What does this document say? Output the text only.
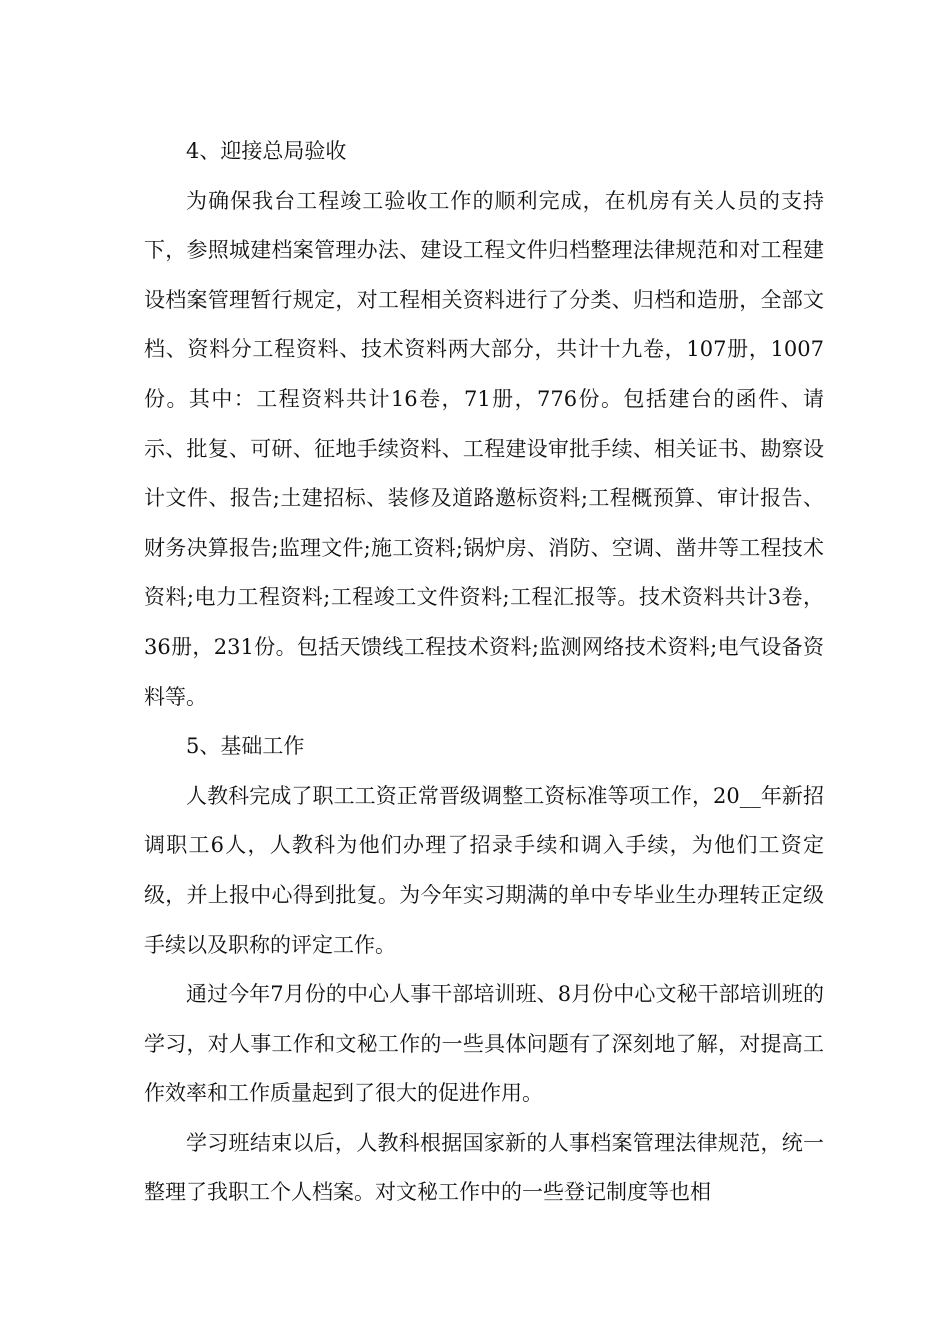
4、迎接总局验收

为确保我台工程竣工验收工作的顺利完成，在机房有关人员的支持下，参照城建档案管理办法、建设工程文件归档整理法律规范和对工程建设档案管理暂行规定，对工程相关资料进行了分类、归档和造册，全部文档、资料分工程资料、技术资料两大部分，共计十九卷，107册，1007份。其中：工程资料共计16卷，71册，776份。包括建台的函件、请示、批复、可研、征地手续资料、工程建设审批手续、相关证书、勘察设计文件、报告;土建招标、装修及道路邀标资料;工程概预算、审计报告、财务决算报告;监理文件;施工资料;锅炉房、消防、空调、凿井等工程技术资料;电力工程资料;工程竣工文件资料;工程汇报等。技术资料共计3卷，36册，231份。包括天馈线工程技术资料;监测网络技术资料;电气设备资料等。

5、基础工作

人教科完成了职工工资正常晋级调整工资标准等项工作，20__年新招调职工6人，人教科为他们办理了招录手续和调入手续，为他们工资定级，并上报中心得到批复。为今年实习期满的单中专毕业生办理转正定级手续以及职称的评定工作。

通过今年7月份的中心人事干部培训班、8月份中心文秘干部培训班的学习，对人事工作和文秘工作的一些具体问题有了深刻地了解，对提高工作效率和工作质量起到了很大的促进作用。

学习班结束以后，人教科根据国家新的人事档案管理法律规范，统一整理了我职工个人档案。对文秘工作中的一些登记制度等也相
